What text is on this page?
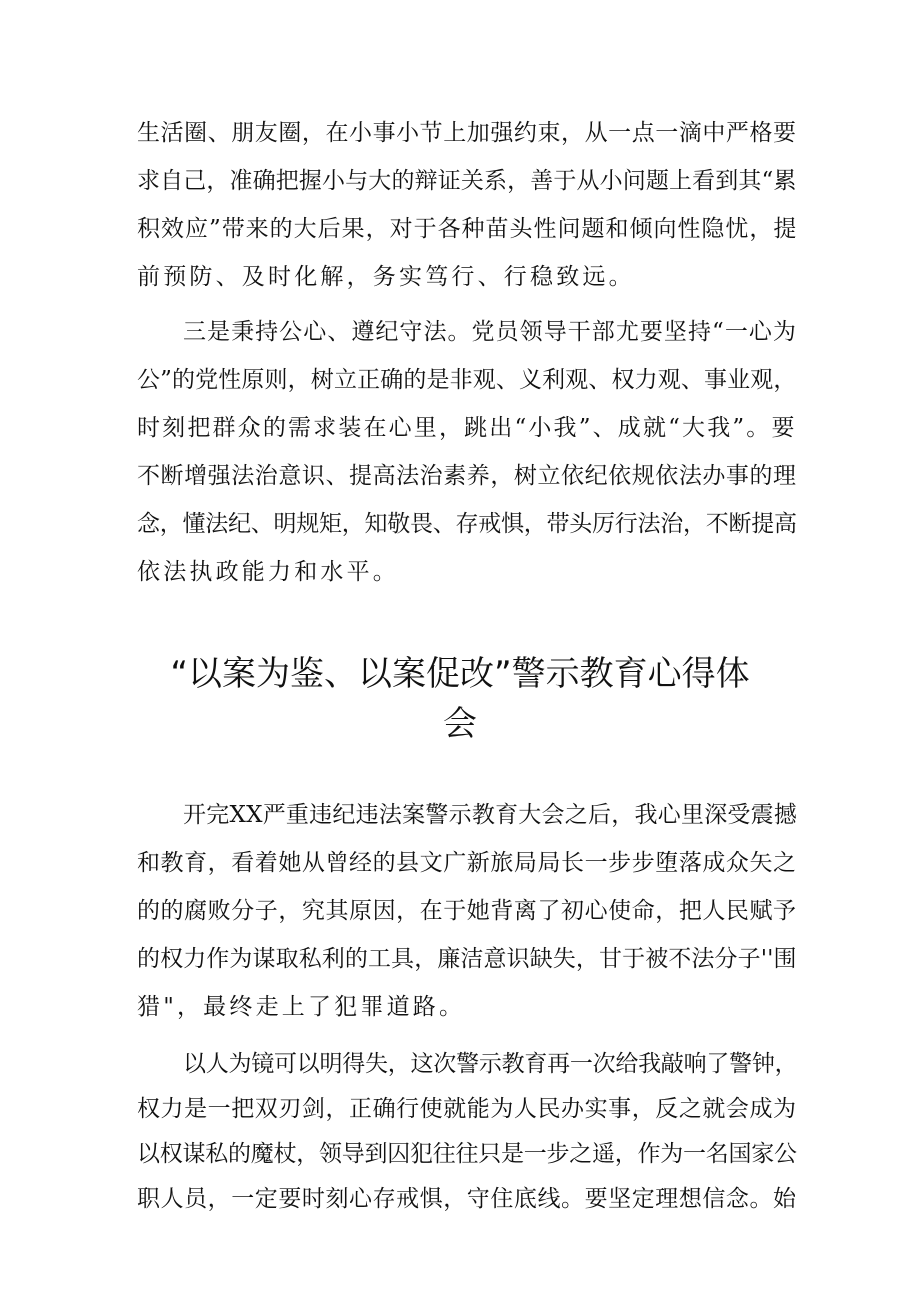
生活圈、朋友圈，在小事小节上加强约束，从一点一滴中严格要

求自己，准确把握小与大的辩证关系，善于从小问题上看到其“累

积效应”带来的大后果，对于各种苗头性问题和倾向性隐忧，提

前预防、及时化解，务实笃行、行稳致远。

三是秉持公心、遵纪守法。党员领导干部尤要坚持“一心为

公”的党性原则，树立正确的是非观、义利观、权力观、事业观，

时刻把群众的需求装在心里，跳出“小我”、成就“大我”。要

不断增强法治意识、提高法治素养，树立依纪依规依法办事的理

念，懂法纪、明规矩，知敬畏、存戒惧，带头厉行法治，不断提高

依法执政能力和水平。

“以案为鉴、以案促改”警示教育心得体
会

开完XX严重违纪违法案警示教育大会之后，我心里深受震撼

和教育，看着她从曾经的县文广新旅局局长一步步堕落成众矢之

的的腐败分子，究其原因，在于她背离了初心使命，把人民赋予

的权力作为谋取私利的工具，廉洁意识缺失，甘于被不法分子''围

猎"，最终走上了犯罪道路。

以人为镜可以明得失，这次警示教育再一次给我敲响了警钟，

权力是一把双刃剑，正确行使就能为人民办实事，反之就会成为

以权谋私的魔杖，领导到囚犯往往只是一步之遥，作为一名国家公

职人员，一定要时刻心存戒惧，守住底线。要坚定理想信念。始
